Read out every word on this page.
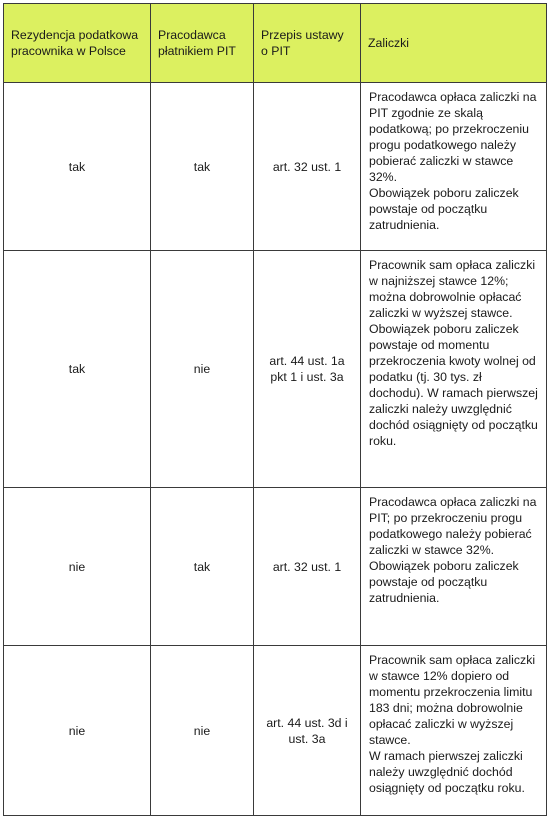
Rezydencja podatkowa pracownika w Polsce	Pracodawca płatnikiem PIT	Przepis ustawy o PIT	Zaliczki
tak	tak	art. 32 ust. 1	Pracodawca opłaca zaliczki na PIT zgodnie ze skalą podatkową; po przekroczeniu progu podatkowego należy pobierać zaliczki w stawce 32%.

Obowiązek poboru zaliczek powstaje od początku zatrudnienia.

tak	nie	art. 44 ust. 1a pkt 1 i ust. 3a	Pracownik sam opłaca zaliczki w najniższej stawce 12%; można dobrowolnie opłacać zaliczki w wyższej stawce.

Obowiązek poboru zaliczek powstaje od momentu przekroczenia kwoty wolnej od podatku (tj. 30 tys. zł dochodu). W ramach pierwszej zaliczki należy uwzględnić dochód osiągnięty od początku roku.

nie	tak	art. 32 ust. 1	Pracodawca opłaca zaliczki na PIT; po przekroczeniu progu podatkowego należy pobierać zaliczki w stawce 32%.

Obowiązek poboru zaliczek powstaje od początku zatrudnienia.

nie	nie	art. 44 ust. 3d i ust. 3a	Pracownik sam opłaca zaliczki w stawce 12% dopiero od momentu przekroczenia limitu 183 dni; można dobrowolnie opłacać zaliczki w wyższej stawce.

W ramach pierwszej zaliczki należy uwzględnić dochód osiągnięty od początku roku.
